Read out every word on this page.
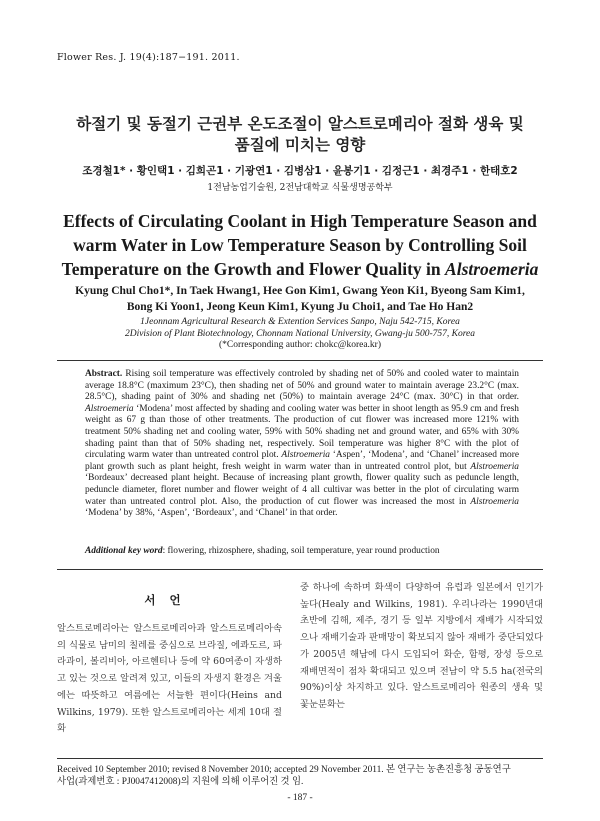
Flower Res. J. 19(4):187−191. 2011.
하절기 및 동절기 근권부 온도조절이 알스트로메리아 절화 생육 및
품질에 미치는 영향
조경철1* · 황인택1 · 김희곤1 · 기광연1 · 김병삼1 · 윤봉기1 · 김정근1 · 최경주1 · 한태호2
1전남농업기술원, 2전남대학교 식물생명공학부
Effects of Circulating Coolant in High Temperature Season and
warm Water in Low Temperature Season by Controlling Soil
Temperature on the Growth and Flower Quality in Alstroemeria
Kyung Chul Cho1*, In Taek Hwang1, Hee Gon Kim1, Gwang Yeon Ki1, Byeong Sam Kim1,
Bong Ki Yoon1, Jeong Keun Kim1, Kyung Ju Choi1, and Tae Ho Han2
1Jeonnam Agricultural Research & Extention Services Sanpo, Naju 542-715, Korea
2Division of Plant Biotechnology, Chonnam National University, Gwang-ju 500-757, Korea
(*Corresponding author: chokc@korea.kr)
Abstract. Rising soil temperature was effectively controled by shading net of 50% and cooled water to maintain average 18.8°C (maximum 23°C), then shading net of 50% and ground water to maintain average 23.2°C (max. 28.5°C), shading paint of 30% and shading net (50%) to maintain average 24°C (max. 30°C) in that order. Alstroemeria ‘Modena’ most affected by shading and cooling water was better in shoot length as 95.9 cm and fresh weight as 67 g than those of other treatments. The production of cut flower was increased more 121% with treatment 50% shading net and cooling water, 59% with 50% shading net and ground water, and 65% with 30% shading paint than that of 50% shading net, respectively. Soil temperature was higher 8°C with the plot of circulating warm water than untreated control plot. Alstroemeria ‘Aspen’, ‘Modena’, and ‘Chanel’ increased more plant growth such as plant height, fresh weight in warm water than in untreated control plot, but Alstroemeria ‘Bordeaux’ decreased plant height. Because of increasing plant growth, flower quality such as peduncle length, peduncle diameter, floret number and flower weight of 4 all cultivar was better in the plot of circulating warm water than untreated control plot. Also, the production of cut flower was increased the most in Alstroemeria ‘Modena’ by 38%, ‘Aspen’, ‘Bordeaux’, and ‘Chanel’ in that order.
Additional key word: flowering, rhizosphere, shading, soil temperature, year round production
서언
알스트로메리아는 알스트로메리아과 알스트로메리아속의 식물로 남미의 칠레를 중심으로 브라질, 에콰도르, 파라과이, 볼리비아, 아르헨티나 등에 약 60여종이 자생하고 있는 것으로 알려져 있고, 이들의 자생지 환경은 겨울에는 따뜻하고 여름에는 서늘한 편이다(Heins and Wilkins, 1979). 또한 알스트로메리아는 세계 10대 절화
중 하나에 속하며 화색이 다양하여 유럽과 일본에서 인기가 높다(Healy and Wilkins, 1981). 우리나라는 1990년대 초반에 김해, 제주, 경기 등 일부 지방에서 재배가 시작되었으나 재배기술과 판매망이 확보되지 않아 재배가 중단되었다가 2005년 해남에 다시 도입되어 화순, 함평, 장성 등으로 재배면적이 점차 확대되고 있으며 전남이 약 5.5 ha(전국의 90%)이상 차지하고 있다. 알스트로메리아 원종의 생육 및 꽃눈분화는
Received 10 September 2010; revised 8 November 2010; accepted 29 November 2011. 본 연구는 농촌진흥청 공동연구
사업(과제번호 : PJ0047412008)의 지원에 의해 이루어진 것 임.
- 187 -
